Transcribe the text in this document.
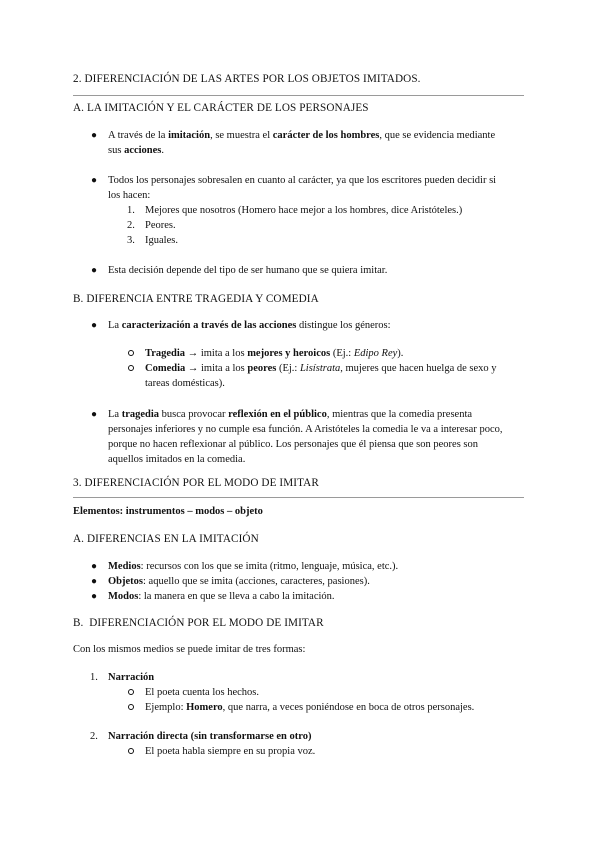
2. DIFERENCIACIÓN DE LAS ARTES POR LOS OBJETOS IMITADOS.
A. LA IMITACIÓN Y EL CARÁCTER DE LOS PERSONAJES
● A través de la imitación, se muestra el carácter de los hombres, que se evidencia mediante
sus acciones.
● Todos los personajes sobresalen en cuanto al carácter, ya que los escritores pueden decidir si
los hacen:
1. Mejores que nosotros (Homero hace mejor a los hombres, dice Aristóteles.)
2. Peores.
3. Iguales.
● Esta decisión depende del tipo de ser humano que se quiera imitar.
B. DIFERENCIA ENTRE TRAGEDIA Y COMEDIA
● La caracterización a través de las acciones distingue los géneros:
Tragedia → imita a los mejores y heroicos (Ej.: Edipo Rey).
Comedia → imita a los peores (Ej.: Lisístrata, mujeres que hacen huelga de sexo y
tareas domésticas).
● La tragedia busca provocar reflexión en el público, mientras que la comedia presenta
personajes inferiores y no cumple esa función. A Aristóteles la comedia le va a interesar poco,
porque no hacen reflexionar al público. Los personajes que él piensa que son peores son
aquellos imitados en la comedia.
3. DIFERENCIACIÓN POR EL MODO DE IMITAR
Elementos: instrumentos – modos – objeto
A. DIFERENCIAS EN LA IMITACIÓN
● Medios: recursos con los que se imita (ritmo, lenguaje, música, etc.).
● Objetos: aquello que se imita (acciones, caracteres, pasiones).
● Modos: la manera en que se lleva a cabo la imitación.
B.  DIFERENCIACIÓN POR EL MODO DE IMITAR
Con los mismos medios se puede imitar de tres formas:
1. Narración
El poeta cuenta los hechos.
Ejemplo: Homero, que narra, a veces poniéndose en boca de otros personajes.
2. Narración directa (sin transformarse en otro)
El poeta habla siempre en su propia voz.
